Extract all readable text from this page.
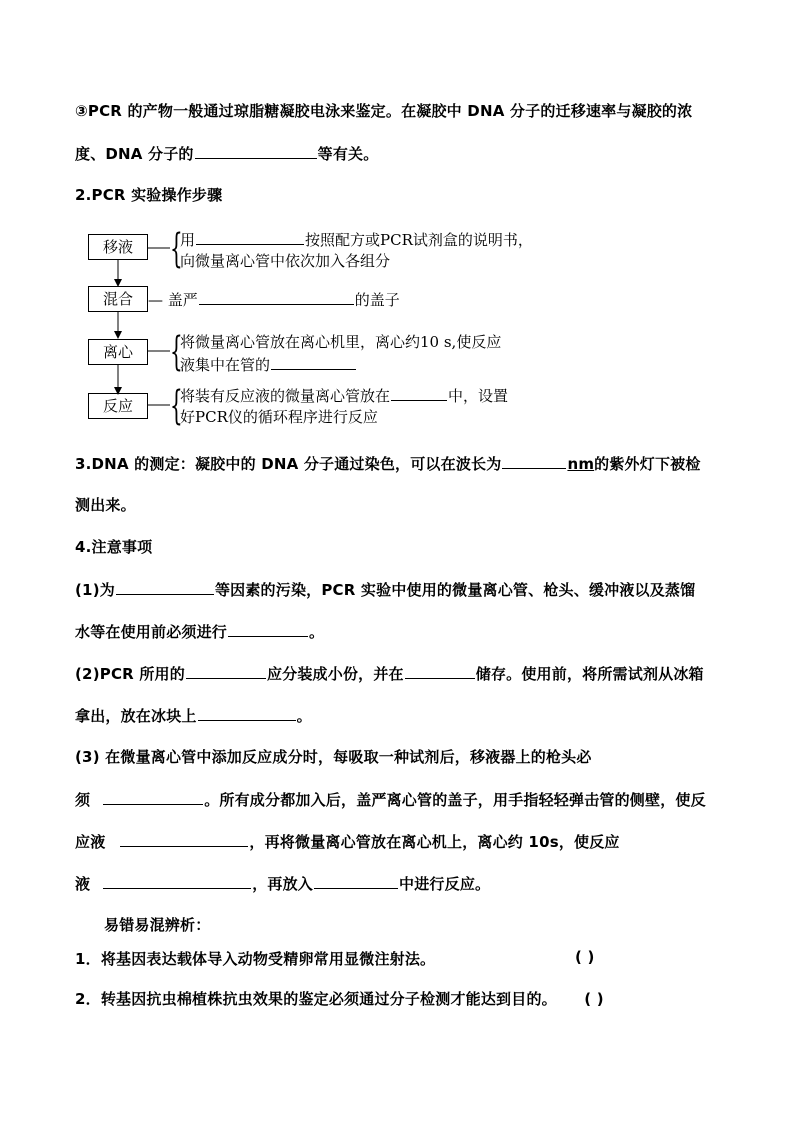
③PCR 的产物一般通过琼脂糖凝胶电泳来鉴定。在凝胶中 DNA 分子的迁移速率与凝胶的浓
度、DNA 分子的	等有关。
2.PCR 实验操作步骤
移液
混合
离心
反应
{
用	按照配方或PCR试剂盒的说明书，
向微量离心管中依次加入各组分
— 盖严	的盖子
{
将微量离心管放在离心机里，离心约10 s,使反应
液集中在管的
{
将装有反应液的微量离心管放在	中，设置
好PCR仪的循环程序进行反应
3.DNA 的测定：凝胶中的 DNA 分子通过染色，可以在波长为	nm的紫外灯下被检
测出来。
4.注意事项
(1)为	等因素的污染，PCR 实验中使用的微量离心管、枪头、缓冲液以及蒸馏
水等在使用前必须进行	。
(2)PCR 所用的	应分装成小份，并在	储存。使用前，将所需试剂从冰箱
拿出，放在冰块上	。
(3) 在微量离心管中添加反应成分时，每吸取一种试剂后，移液器上的枪头必
须	。所有成分都加入后，盖严离心管的盖子，用手指轻轻弹击管的侧壁，使反
应液	，再将微量离心管放在离心机上，离心约 10s，使反应
液	，再放入	中进行反应。
易错易混辨析：
1．将基因表达载体导入动物受精卵常用显微注射法。	( )
2．转基因抗虫棉植株抗虫效果的鉴定必须通过分子检测才能达到目的。 ( )
